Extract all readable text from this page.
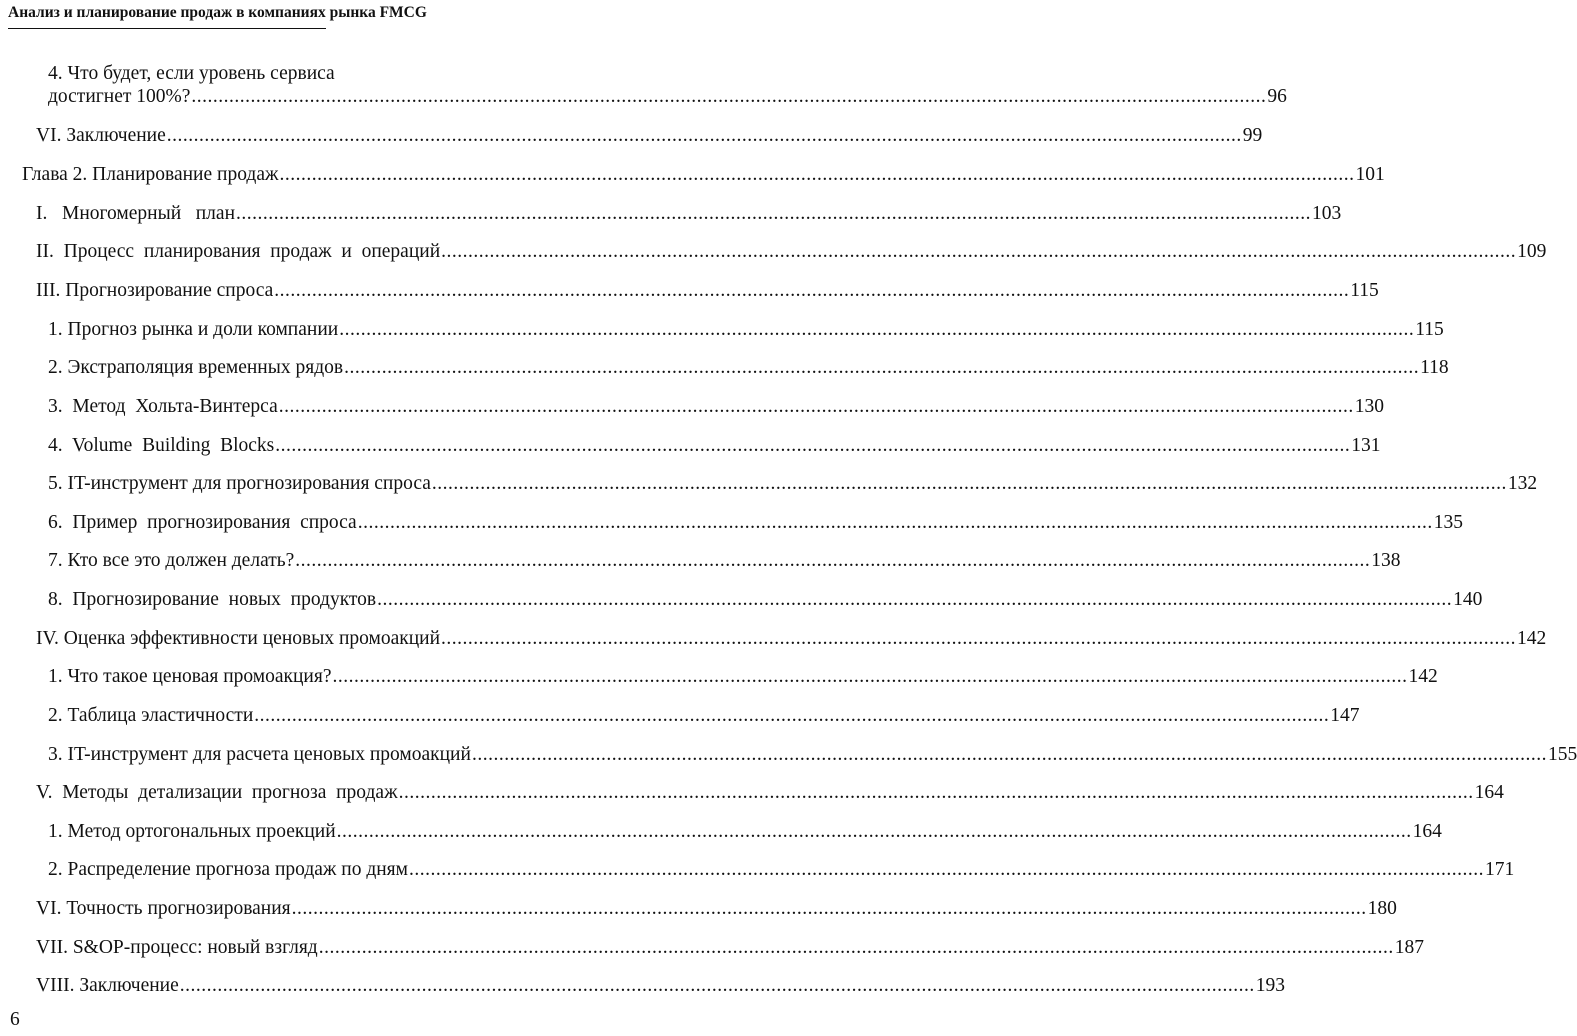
Анализ и планирование продаж в компаниях рынка FMCG
4. Что будет, если уровень сервиса
достигнет 100%? ........................................................................................................................................................................................................ 96
VI. Заключение ........................................................................................................................................................................................................ 99
Глава 2. Планирование продаж ........................................................................................................................................................................................................ 101
I.   Многомерный   план ........................................................................................................................................................................................................ 103
II.  Процесс  планирования  продаж  и  операций ........................................................................................................................................................................................................ 109
III. Прогнозирование спроса ........................................................................................................................................................................................................ 115
1. Прогноз рынка и доли компании ........................................................................................................................................................................................................ 115
2. Экстраполяция временных рядов ........................................................................................................................................................................................................ 118
3.  Метод  Хольта-Винтерса ........................................................................................................................................................................................................ 130
4.  Volume  Building  Blocks ........................................................................................................................................................................................................ 131
5. IT-инструмент для прогнозирования спроса ........................................................................................................................................................................................................ 132
6.  Пример  прогнозирования  спроса ........................................................................................................................................................................................................ 135
7. Кто все это должен делать? ........................................................................................................................................................................................................ 138
8.  Прогнозирование  новых  продуктов ........................................................................................................................................................................................................ 140
IV. Оценка эффективности ценовых промоакций ........................................................................................................................................................................................................ 142
1. Что такое ценовая промоакция? ........................................................................................................................................................................................................ 142
2. Таблица эластичности ........................................................................................................................................................................................................ 147
3. IT-инструмент для расчета ценовых промоакций ........................................................................................................................................................................................................ 155
V.  Методы  детализации  прогноза  продаж ........................................................................................................................................................................................................ 164
1. Метод ортогональных проекций ........................................................................................................................................................................................................ 164
2. Распределение прогноза продаж по дням ........................................................................................................................................................................................................ 171
VI. Точность прогнозирования ........................................................................................................................................................................................................ 180
VII. S&OP-процесс: новый взгляд ........................................................................................................................................................................................................ 187
VIII. Заключение ........................................................................................................................................................................................................ 193
6
